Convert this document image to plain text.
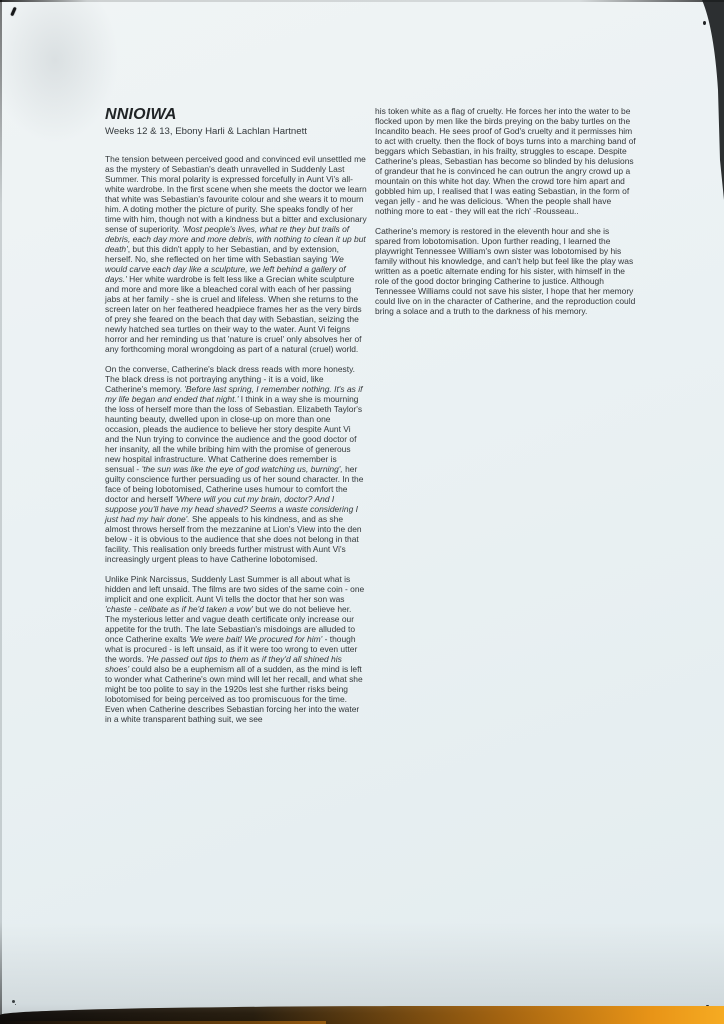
NNIOIWA
Weeks 12 & 13, Ebony Harli & Lachlan Hartnett

The tension between perceived good and convinced evil unsettled me as the mystery of Sebastian's death unravelled in Suddenly Last Summer. This moral polarity is expressed forcefully in Aunt Vi's all-white wardrobe. In the first scene when she meets the doctor we learn that white was Sebastian's favourite colour and she wears it to mourn him. A doting mother the picture of purity. She speaks fondly of her time with him, though not with a kindness but a bitter and exclusionary sense of superiority. 'Most people's lives, what re they but trails of debris, each day more and more debris, with nothing to clean it up but death', but this didn't apply to her Sebastian, and by extension, herself. No, she reflected on her time with Sebastian saying 'We would carve each day like a sculpture, we left behind a gallery of days.' Her white wardrobe is felt less like a Grecian white sculpture and more and more like a bleached coral with each of her passing jabs at her family - she is cruel and lifeless. When she returns to the screen later on her feathered headpiece frames her as the very birds of prey she feared on the beach that day with Sebastian, seizing the newly hatched sea turtles on their way to the water. Aunt Vi feigns horror and her reminding us that 'nature is cruel' only absolves her of any forthcoming moral wrongdoing as part of a natural (cruel) world.

On the converse, Catherine's black dress reads with more honesty. The black dress is not portraying anything - it is a void, like Catherine's memory. 'Before last spring, I remember nothing. It's as if my life began and ended that night.' I think in a way she is mourning the loss of herself more than the loss of Sebastian. Elizabeth Taylor's haunting beauty, dwelled upon in close-up on more than one occasion, pleads the audience to believe her story despite Aunt Vi and the Nun trying to convince the audience and the good doctor of her insanity, all the while bribing him with the promise of generous new hospital infrastructure. What Catherine does remember is sensual - 'the sun was like the eye of god watching us, burning', her guilty conscience further persuading us of her sound character. In the face of being lobotomised, Catherine uses humour to comfort the doctor and herself 'Where will you cut my brain, doctor? And I suppose you'll have my head shaved? Seems a waste considering I just had my hair done'. She appeals to his kindness, and as she almost throws herself from the mezzanine at Lion's View into the den below - it is obvious to the audience that she does not belong in that facility. This realisation only breeds further mistrust with Aunt Vi's increasingly urgent pleas to have Catherine lobotomised.

Unlike Pink Narcissus, Suddenly Last Summer is all about what is hidden and left unsaid. The films are two sides of the same coin - one implicit and one explicit. Aunt Vi tells the doctor that her son was 'chaste - celibate as if he'd taken a vow' but we do not believe her. The mysterious letter and vague death certificate only increase our appetite for the truth. The late Sebastian's misdoings are alluded to once Catherine exalts 'We were bait! We procured for him' - though what is procured - is left unsaid, as if it were too wrong to even utter the words. 'He passed out tips to them as if they'd all shined his shoes' could also be a euphemism all of a sudden, as the mind is left to wonder what Catherine's own mind will let her recall, and what she might be too polite to say in the 1920s lest she further risks being lobotomised for being perceived as too promiscuous for the time. Even when Catherine describes Sebastian forcing her into the water in a white transparent bathing suit, we see

his token white as a flag of cruelty. He forces her into the water to be flocked upon by men like the birds preying on the baby turtles on the Incandito beach. He sees proof of God's cruelty and it permisses him to act with cruelty. then the flock of boys turns into a marching band of beggars which Sebastian, in his frailty, struggles to escape. Despite Catherine's pleas, Sebastian has become so blinded by his delusions of grandeur that he is convinced he can outrun the angry crowd up a mountain on this white hot day. When the crowd tore him apart and gobbled him up, I realised that I was eating Sebastian, in the form of vegan jelly - and he was delicious. 'When the people shall have nothing more to eat - they will eat the rich' -Rousseau..

Catherine's memory is restored in the eleventh hour and she is spared from lobotomisation. Upon further reading, I learned the playwright Tennessee William's own sister was lobotomised by his family without his knowledge, and can't help but feel like the play was written as a poetic alternate ending for his sister, with himself in the role of the good doctor bringing Catherine to justice. Although Tennessee Williams could not save his sister, I hope that her memory could live on in the character of Catherine, and the reproduction could bring a solace and a truth to the darkness of his memory.
